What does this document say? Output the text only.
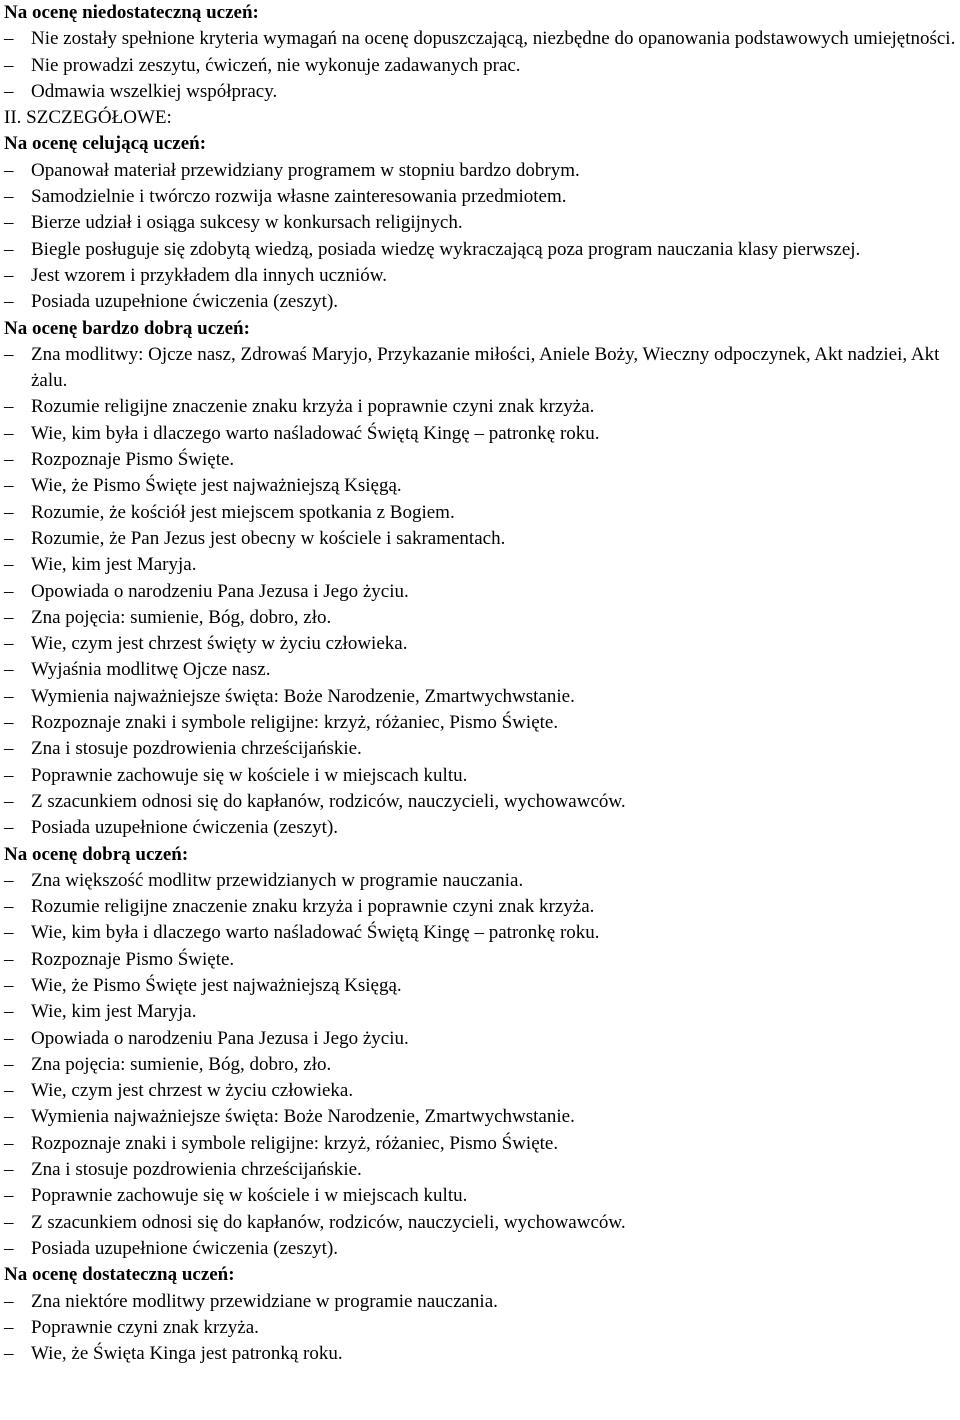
Na ocenę niedostateczną uczeń:
– Nie zostały spełnione kryteria wymagań na ocenę dopuszczającą, niezbędne do opanowania podstawowych umiejętności.
– Nie prowadzi zeszytu, ćwiczeń, nie wykonuje zadawanych prac.
– Odmawia wszelkiej współpracy.
II. SZCZEGÓŁOWE:
Na ocenę celującą uczeń:
– Opanował materiał przewidziany programem w stopniu bardzo dobrym.
– Samodzielnie i twórczo rozwija własne zainteresowania przedmiotem.
– Bierze udział i osiąga sukcesy w konkursach religijnych.
– Biegle posługuje się zdobytą wiedzą, posiada wiedzę wykraczającą poza program nauczania klasy pierwszej.
– Jest wzorem i przykładem dla innych uczniów.
– Posiada uzupełnione ćwiczenia (zeszyt).
Na ocenę bardzo dobrą uczeń:
– Zna modlitwy: Ojcze nasz, Zdrowaś Maryjo, Przykazanie miłości, Aniele Boży, Wieczny odpoczynek, Akt nadziei, Akt żalu.
– Rozumie religijne znaczenie znaku krzyża i poprawnie czyni znak krzyża.
– Wie, kim była i dlaczego warto naśladować Świętą Kingę – patronkę roku.
– Rozpoznaje Pismo Święte.
– Wie, że Pismo Święte jest najważniejszą Księgą.
– Rozumie, że kościół jest miejscem spotkania z Bogiem.
– Rozumie, że Pan Jezus jest obecny w kościele i sakramentach.
– Wie, kim jest Maryja.
– Opowiada o narodzeniu Pana Jezusa i Jego życiu.
– Zna pojęcia: sumienie, Bóg, dobro, zło.
– Wie, czym jest chrzest święty w życiu człowieka.
– Wyjaśnia modlitwę Ojcze nasz.
– Wymienia najważniejsze święta: Boże Narodzenie, Zmartwychwstanie.
– Rozpoznaje znaki i symbole religijne: krzyż, różaniec, Pismo Święte.
– Zna i stosuje pozdrowienia chrześcijańskie.
– Poprawnie zachowuje się w kościele i w miejscach kultu.
– Z szacunkiem odnosi się do kapłanów, rodziców, nauczycieli, wychowawców.
– Posiada uzupełnione ćwiczenia (zeszyt).
Na ocenę dobrą uczeń:
– Zna większość modlitw przewidzianych w programie nauczania.
– Rozumie religijne znaczenie znaku krzyża i poprawnie czyni znak krzyża.
– Wie, kim była i dlaczego warto naśladować Świętą Kingę – patronkę roku.
– Rozpoznaje Pismo Święte.
– Wie, że Pismo Święte jest najważniejszą Księgą.
– Wie, kim jest Maryja.
– Opowiada o narodzeniu Pana Jezusa i Jego życiu.
– Zna pojęcia: sumienie, Bóg, dobro, zło.
– Wie, czym jest chrzest w życiu człowieka.
– Wymienia najważniejsze święta: Boże Narodzenie, Zmartwychwstanie.
– Rozpoznaje znaki i symbole religijne: krzyż, różaniec, Pismo Święte.
– Zna i stosuje pozdrowienia chrześcijańskie.
– Poprawnie zachowuje się w kościele i w miejscach kultu.
– Z szacunkiem odnosi się do kapłanów, rodziców, nauczycieli, wychowawców.
– Posiada uzupełnione ćwiczenia (zeszyt).
Na ocenę dostateczną uczeń:
– Zna niektóre modlitwy przewidziane w programie nauczania.
– Poprawnie czyni znak krzyża.
– Wie, że Święta Kinga jest patronką roku.
